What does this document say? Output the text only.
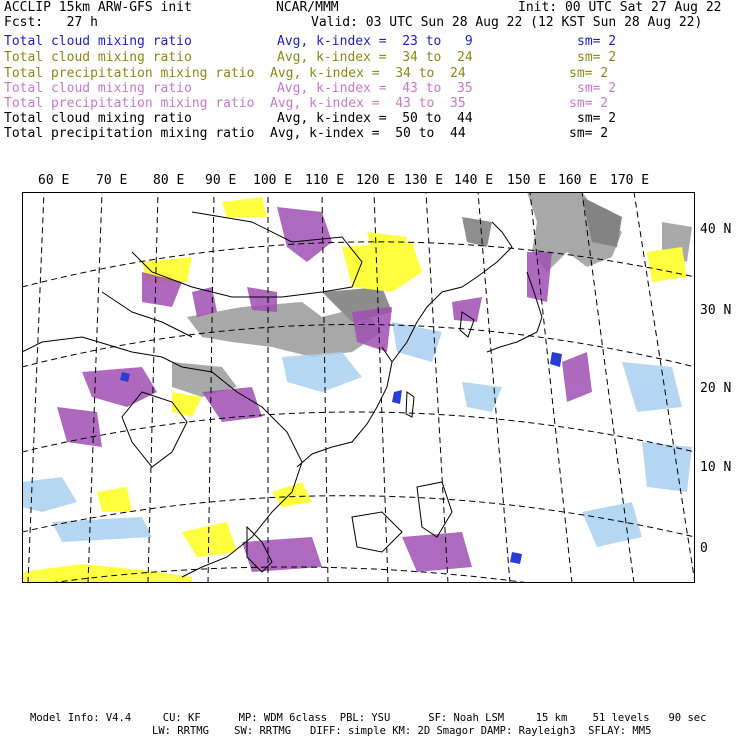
ACCLIP 15km ARW-GFS init	NCAR/MMM	Init: 00 UTC Sat 27 Aug 22
Fcst:   27 h	Valid: 03 UTC Sun 28 Aug 22 (12 KST Sun 28 Aug 22)
Total cloud mixing ratio	Avg, k-index =  23 to   9	sm= 2
Total cloud mixing ratio	Avg, k-index =  34 to  24	sm= 2
Total precipitation mixing ratio Avg, k-index =  34 to  24	sm= 2
Total cloud mixing ratio	Avg, k-index =  43 to  35	sm= 2
Total precipitation mixing ratio Avg, k-index =  43 to  35	sm= 2
Total cloud mixing ratio	Avg, k-index =  50 to  44	sm= 2
Total precipitation mixing ratio Avg, k-index =  50 to  44	sm= 2
60 E 70 E 80 E 90 E 100 E 110 E 120 E 130 E 140 E 150 E 160 E 170 E
40 N
30 N
20 N
10 N
0
Model Info: V4.4     CU: KF      MP: WDM 6class  PBL: YSU      SF: Noah LSM     15 km    51 levels   90 sec
LW: RRTMG    SW: RRTMG   DIFF: simple KM: 2D Smagor DAMP: Rayleigh3  SFLAY: MM5
